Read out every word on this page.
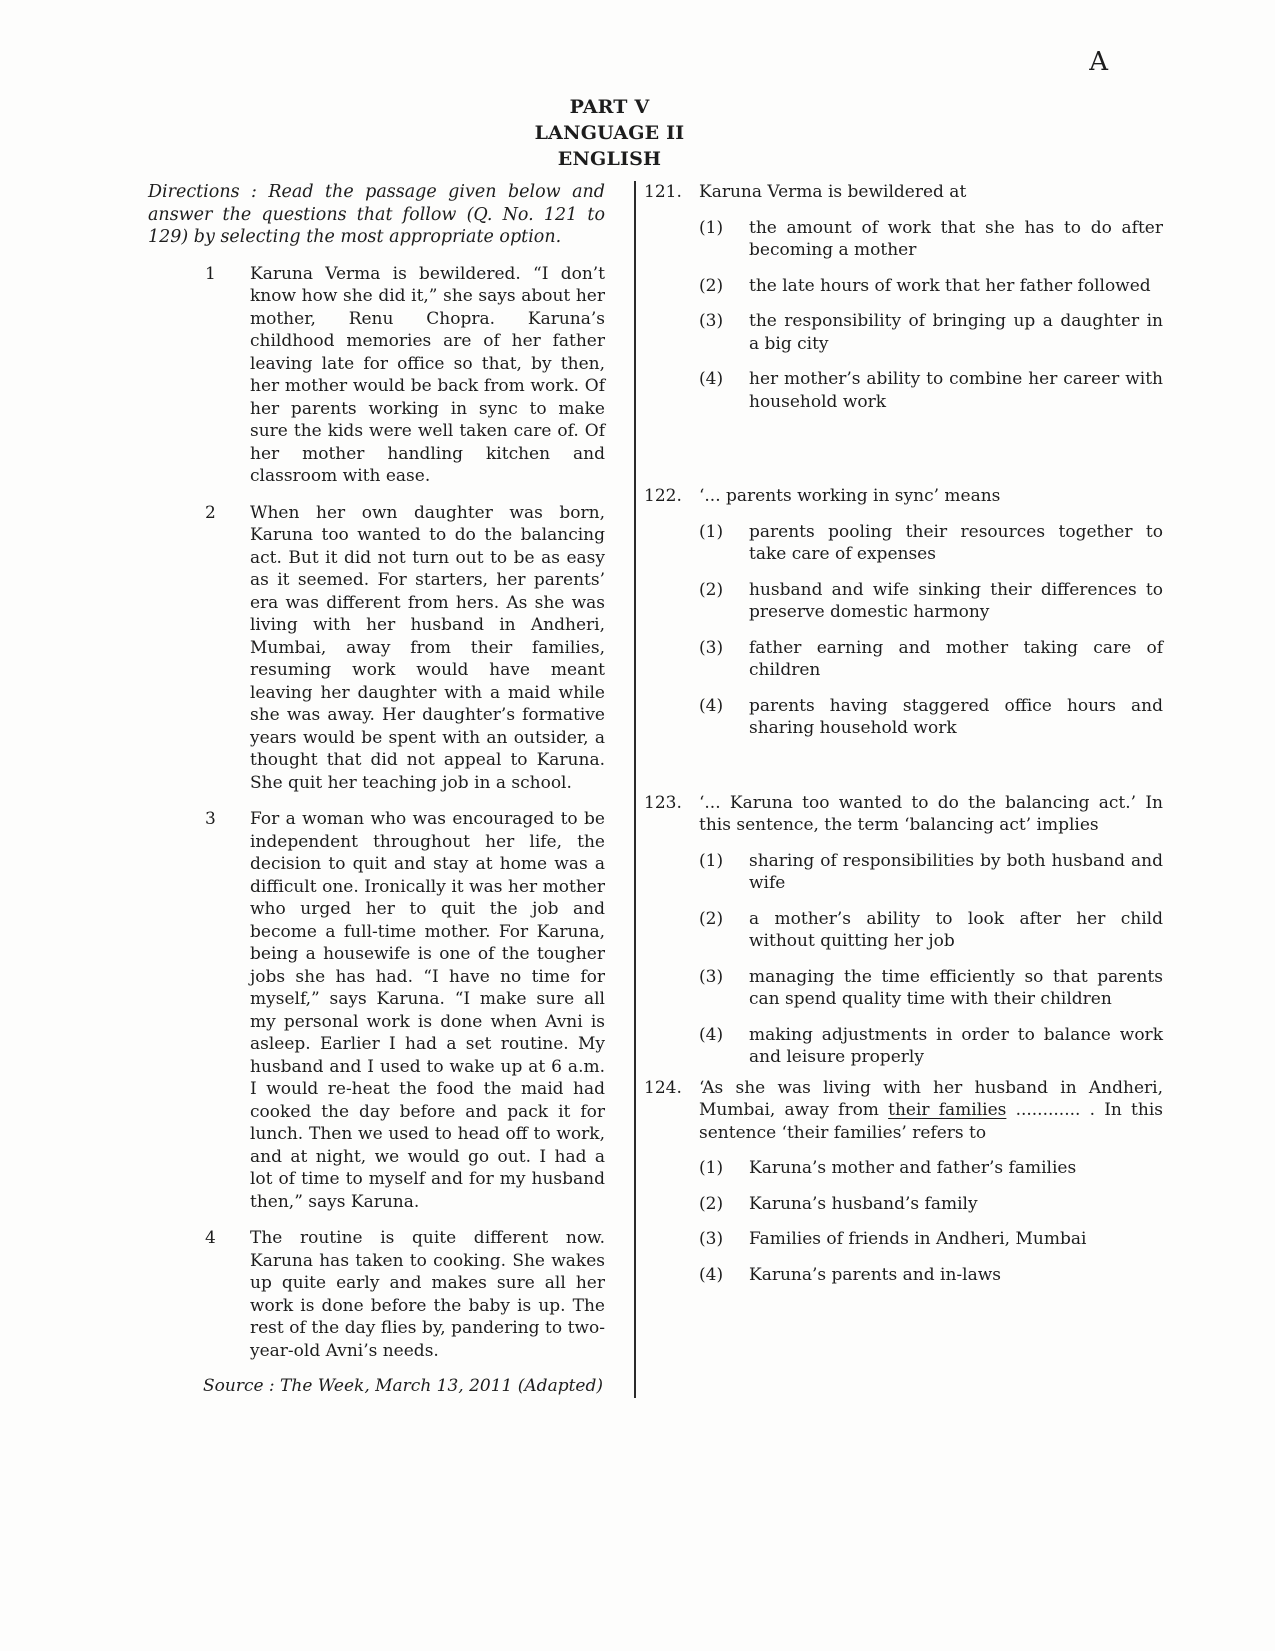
A
PART V
LANGUAGE II
ENGLISH

Directions : Read the passage given below and answer the questions that follow (Q. No. 121 to 129) by selecting the most appropriate option.

1	Karuna Verma is bewildered. “I don’t know how she did it,” she says about her mother, Renu Chopra. Karuna’s childhood memories are of her father leaving late for office so that, by then, her mother would be back from work. Of her parents working in sync to make sure the kids were well taken care of. Of her mother handling kitchen and classroom with ease.

2	When her own daughter was born, Karuna too wanted to do the balancing act. But it did not turn out to be as easy as it seemed. For starters, her parents’ era was different from hers. As she was living with her husband in Andheri, Mumbai, away from their families, resuming work would have meant leaving her daughter with a maid while she was away. Her daughter’s formative years would be spent with an outsider, a thought that did not appeal to Karuna. She quit her teaching job in a school.

3	For a woman who was encouraged to be independent throughout her life, the decision to quit and stay at home was a difficult one. Ironically it was her mother who urged her to quit the job and become a full-time mother. For Karuna, being a housewife is one of the tougher jobs she has had. “I have no time for myself,” says Karuna. “I make sure all my personal work is done when Avni is asleep. Earlier I had a set routine. My husband and I used to wake up at 6 a.m. I would re-heat the food the maid had cooked the day before and pack it for lunch. Then we used to head off to work, and at night, we would go out. I had a lot of time to myself and for my husband then,” says Karuna.

4	The routine is quite different now. Karuna has taken to cooking. She wakes up quite early and makes sure all her work is done before the baby is up. The rest of the day flies by, pandering to two-year-old Avni’s needs.

Source : The Week, March 13, 2011 (Adapted)

121.	Karuna Verma is bewildered at

(1)	the amount of work that she has to do after becoming a mother

(2)	the late hours of work that her father followed

(3)	the responsibility of bringing up a daughter in a big city

(4)	her mother’s ability to combine her career with household work

122.	‘... parents working in sync’ means

(1)	parents pooling their resources together to take care of expenses

(2)	husband and wife sinking their differences to preserve domestic harmony

(3)	father earning and mother taking care of children

(4)	parents having staggered office hours and sharing household work

123.	‘... Karuna too wanted to do the balancing act.’ In this sentence, the term ‘balancing act’ implies

(1)	sharing of responsibilities by both husband and wife

(2)	a mother’s ability to look after her child without quitting her job

(3)	managing the time efficiently so that parents can spend quality time with their children

(4)	making adjustments in order to balance work and leisure properly

124.	‘As she was living with her husband in Andheri, Mumbai, away from their families ............ . In this sentence ‘their families’ refers to

(1)	Karuna’s mother and father’s families

(2)	Karuna’s husband’s family

(3)	Families of friends in Andheri, Mumbai

(4)	Karuna’s parents and in-laws
